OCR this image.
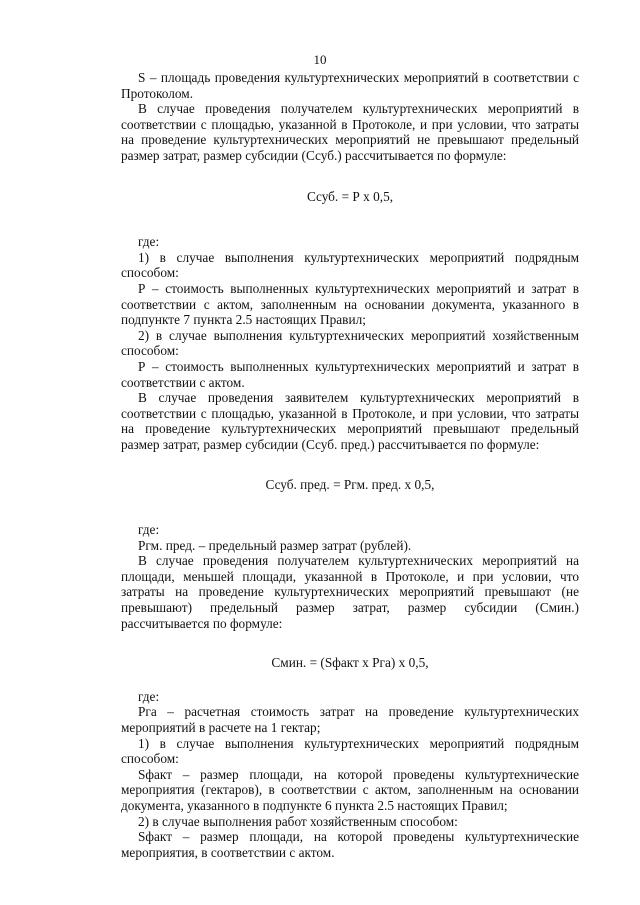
10

S – площадь проведения культуртехнических мероприятий в соответствии с Протоколом.

В случае проведения получателем культуртехнических мероприятий в соответствии с площадью, указанной в Протоколе, и при условии, что затраты на проведение культуртехнических мероприятий не превышают предельный размер затрат, размер субсидии (Ссуб.) рассчитывается по формуле:

Ссуб. = Р х 0,5,

где:

1) в случае выполнения культуртехнических мероприятий подрядным способом:

Р – стоимость выполненных культуртехнических мероприятий и затрат в соответствии с актом, заполненным на основании документа, указанного в подпункте 7 пункта 2.5 настоящих Правил;

2) в случае выполнения культуртехнических мероприятий хозяйственным способом:

Р – стоимость выполненных культуртехнических мероприятий и затрат в соответствии с актом.

В случае проведения заявителем культуртехнических мероприятий в соответствии с площадью, указанной в Протоколе, и при условии, что затраты на проведение культуртехнических мероприятий превышают предельный размер затрат, размер субсидии (Ссуб. пред.) рассчитывается по формуле:

Ссуб. пред. = Ргм. пред. х 0,5,

где:

Ргм. пред. – предельный размер затрат (рублей).

В случае проведения получателем культуртехнических мероприятий на площади, меньшей площади, указанной в Протоколе, и при условии, что затраты на проведение культуртехнических мероприятий превышают (не превышают) предельный размер затрат, размер субсидии (Смин.) рассчитывается по формуле:

Смин. = (Sфакт х Рга) х 0,5,

где:

Рга – расчетная стоимость затрат на проведение культуртехнических мероприятий в расчете на 1 гектар;

1) в случае выполнения культуртехнических мероприятий подрядным способом:

Sфакт – размер площади, на которой проведены культуртехнические мероприятия (гектаров), в соответствии с актом, заполненным на основании документа, указанного в подпункте 6 пункта 2.5 настоящих Правил;

2) в случае выполнения работ хозяйственным способом:

Sфакт – размер площади, на которой проведены культуртехнические мероприятия, в соответствии с актом.
